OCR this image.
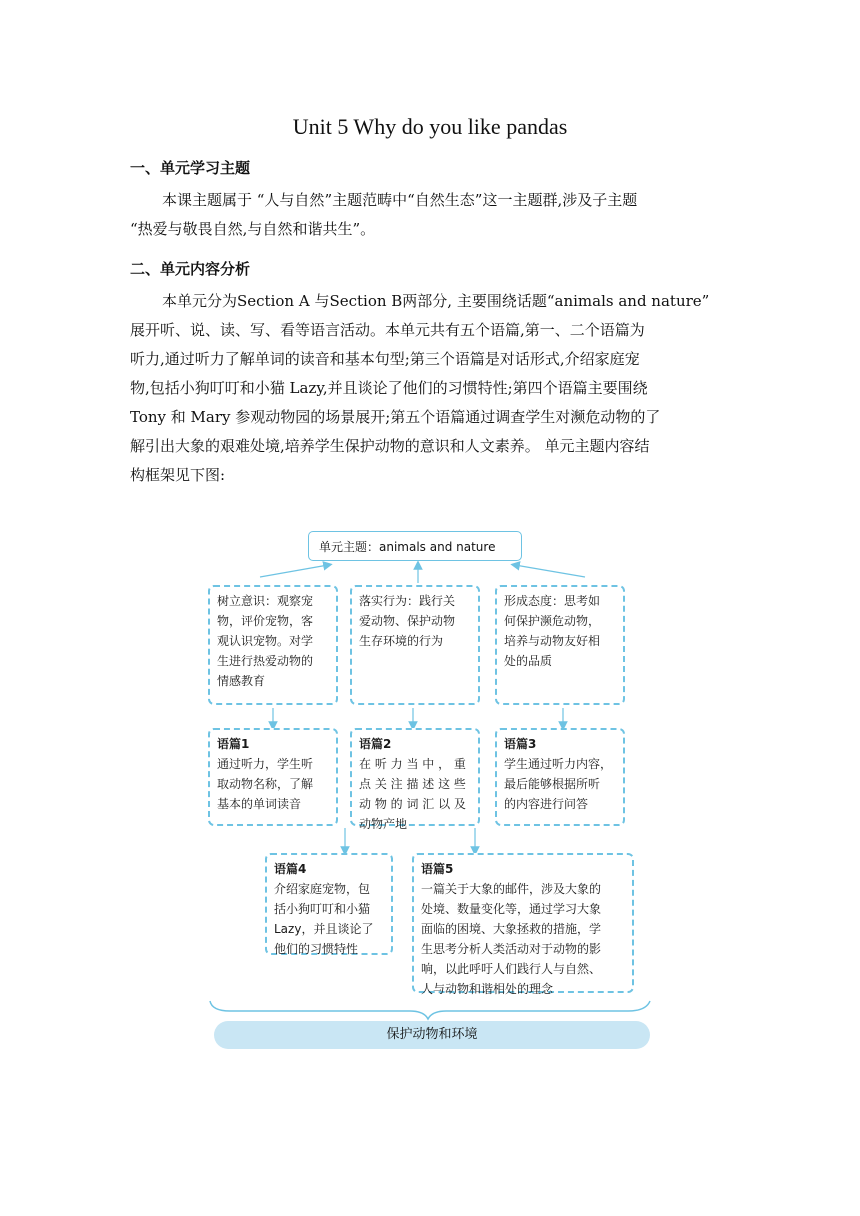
Unit 5 Why do you like pandas
一、单元学习主题
本课主题属于 “人与自然”主题范畴中“自然生态”这一主题群,涉及子主题
“热爱与敬畏自然,与自然和谐共生”。
二、单元内容分析
本单元分为Section A 与Section B两部分, 主要围绕话题“animals and nature”
展开听、说、读、写、看等语言活动。本单元共有五个语篇,第一、二个语篇为
听力,通过听力了解单词的读音和基本句型;第三个语篇是对话形式,介绍家庭宠
物,包括小狗叮叮和小猫 Lazy,并且谈论了他们的习惯特性;第四个语篇主要围绕
Tony 和 Mary 参观动物园的场景展开;第五个语篇通过调查学生对濒危动物的了
解引出大象的艰难处境,培养学生保护动物的意识和人文素养。 单元主题内容结
构框架见下图:
单元主题：animals and nature
树立意识：观察宠
物，评价宠物，客
观认识宠物。对学
生进行热爱动物的
情感教育
落实行为：践行关
爱动物、保护动物
生存环境的行为
形成态度：思考如
何保护濒危动物，
培养与动物友好相
处的品质
语篇1
通过听力，学生听
取动物名称，了解
基本的单词读音
语篇2
在 听 力 当 中 ， 重
点 关 注 描 述 这 些
动 物 的 词 汇 以 及
动物产地
语篇3
学生通过听力内容，
最后能够根据所听
的内容进行问答
语篇4
介绍家庭宠物，包
括小狗叮叮和小猫
Lazy，并且谈论了
他们的习惯特性
语篇5
一篇关于大象的邮件，涉及大象的
处境、数量变化等，通过学习大象
面临的困境、大象拯救的措施，学
生思考分析人类活动对于动物的影
响，以此呼吁人们践行人与自然、
人与动物和谐相处的理念
保护动物和环境
